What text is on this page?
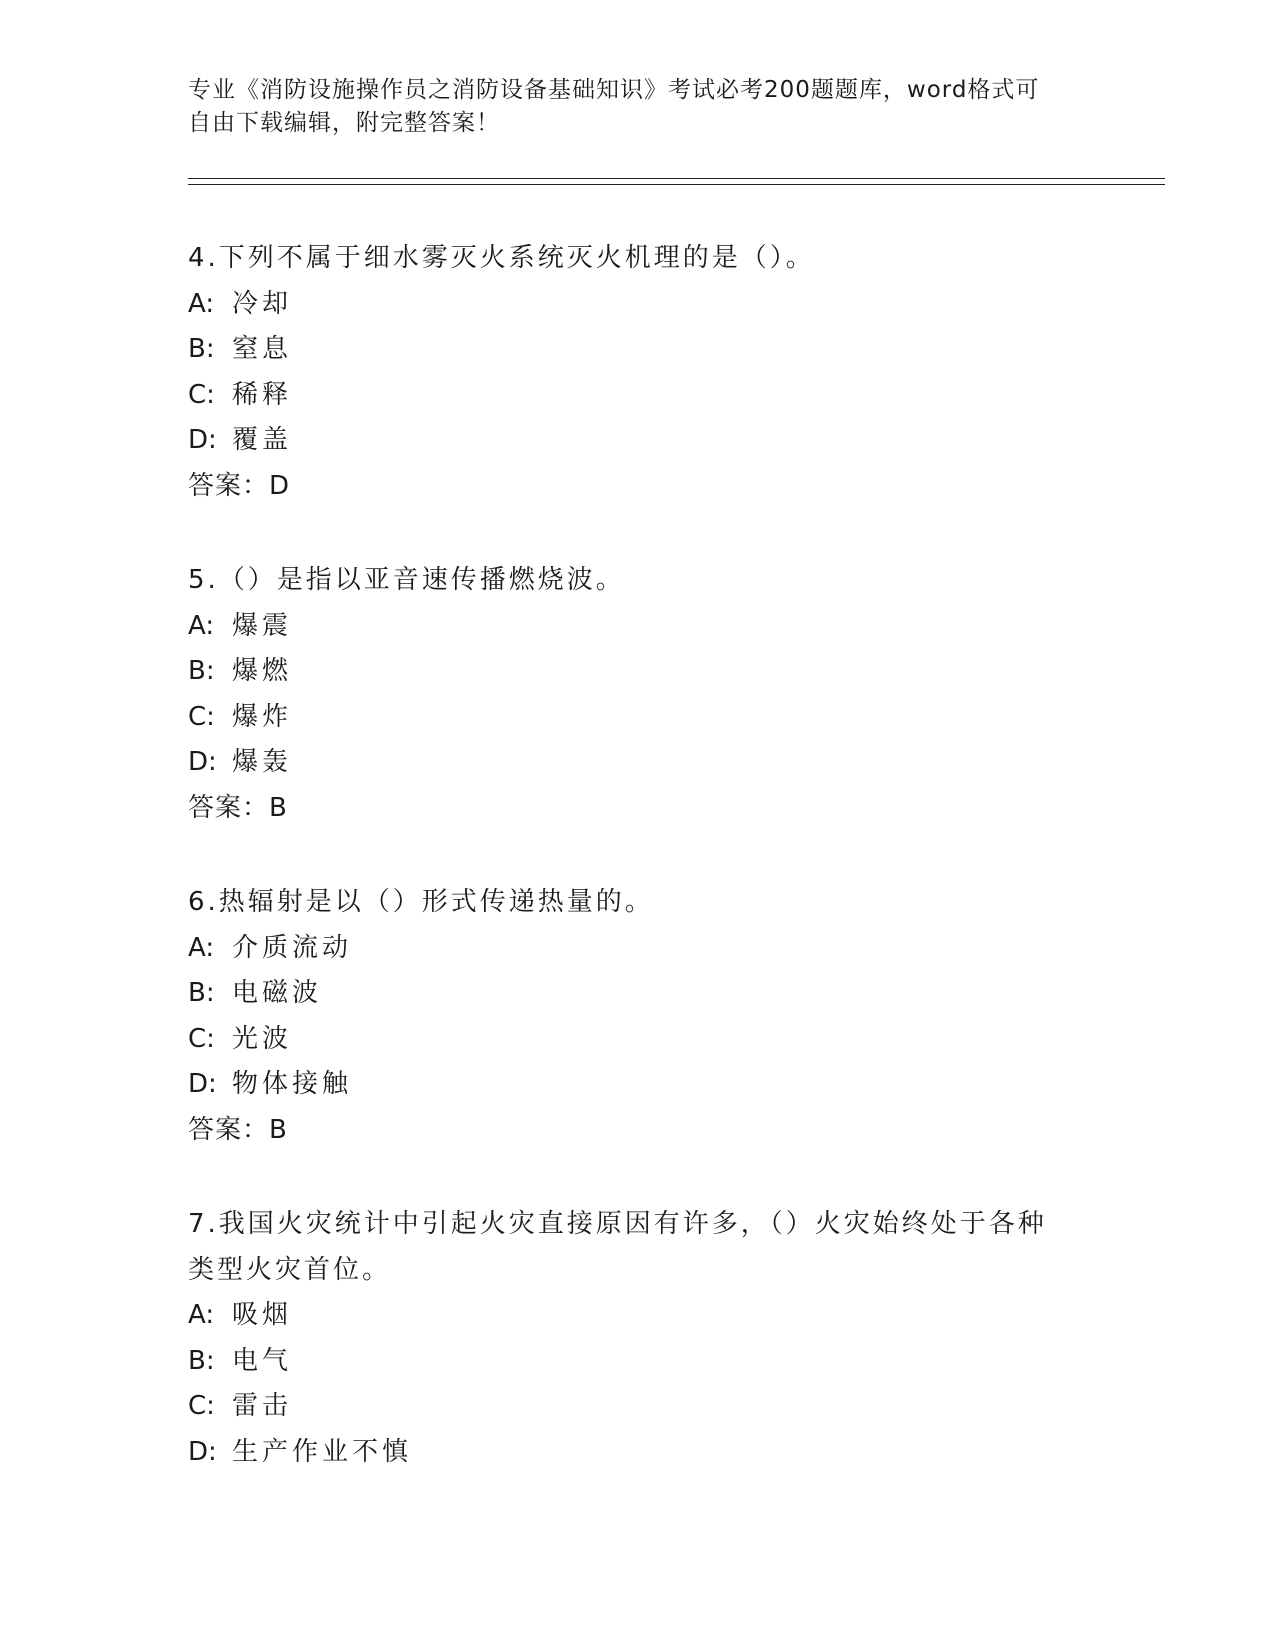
专业《消防设施操作员之消防设备基础知识》考试必考200题题库，word格式可
自由下载编辑，附完整答案！
4.下列不属于细水雾灭火系统灭火机理的是（）。
A: 冷却
B: 窒息
C: 稀释
D: 覆盖
答案：D
5.（）是指以亚音速传播燃烧波。
A: 爆震
B: 爆燃
C: 爆炸
D: 爆轰
答案：B
6.热辐射是以（）形式传递热量的。
A: 介质流动
B: 电磁波
C: 光波
D: 物体接触
答案：B
7.我国火灾统计中引起火灾直接原因有许多，（）火灾始终处于各种
类型火灾首位。
A: 吸烟
B: 电气
C: 雷击
D: 生产作业不慎
